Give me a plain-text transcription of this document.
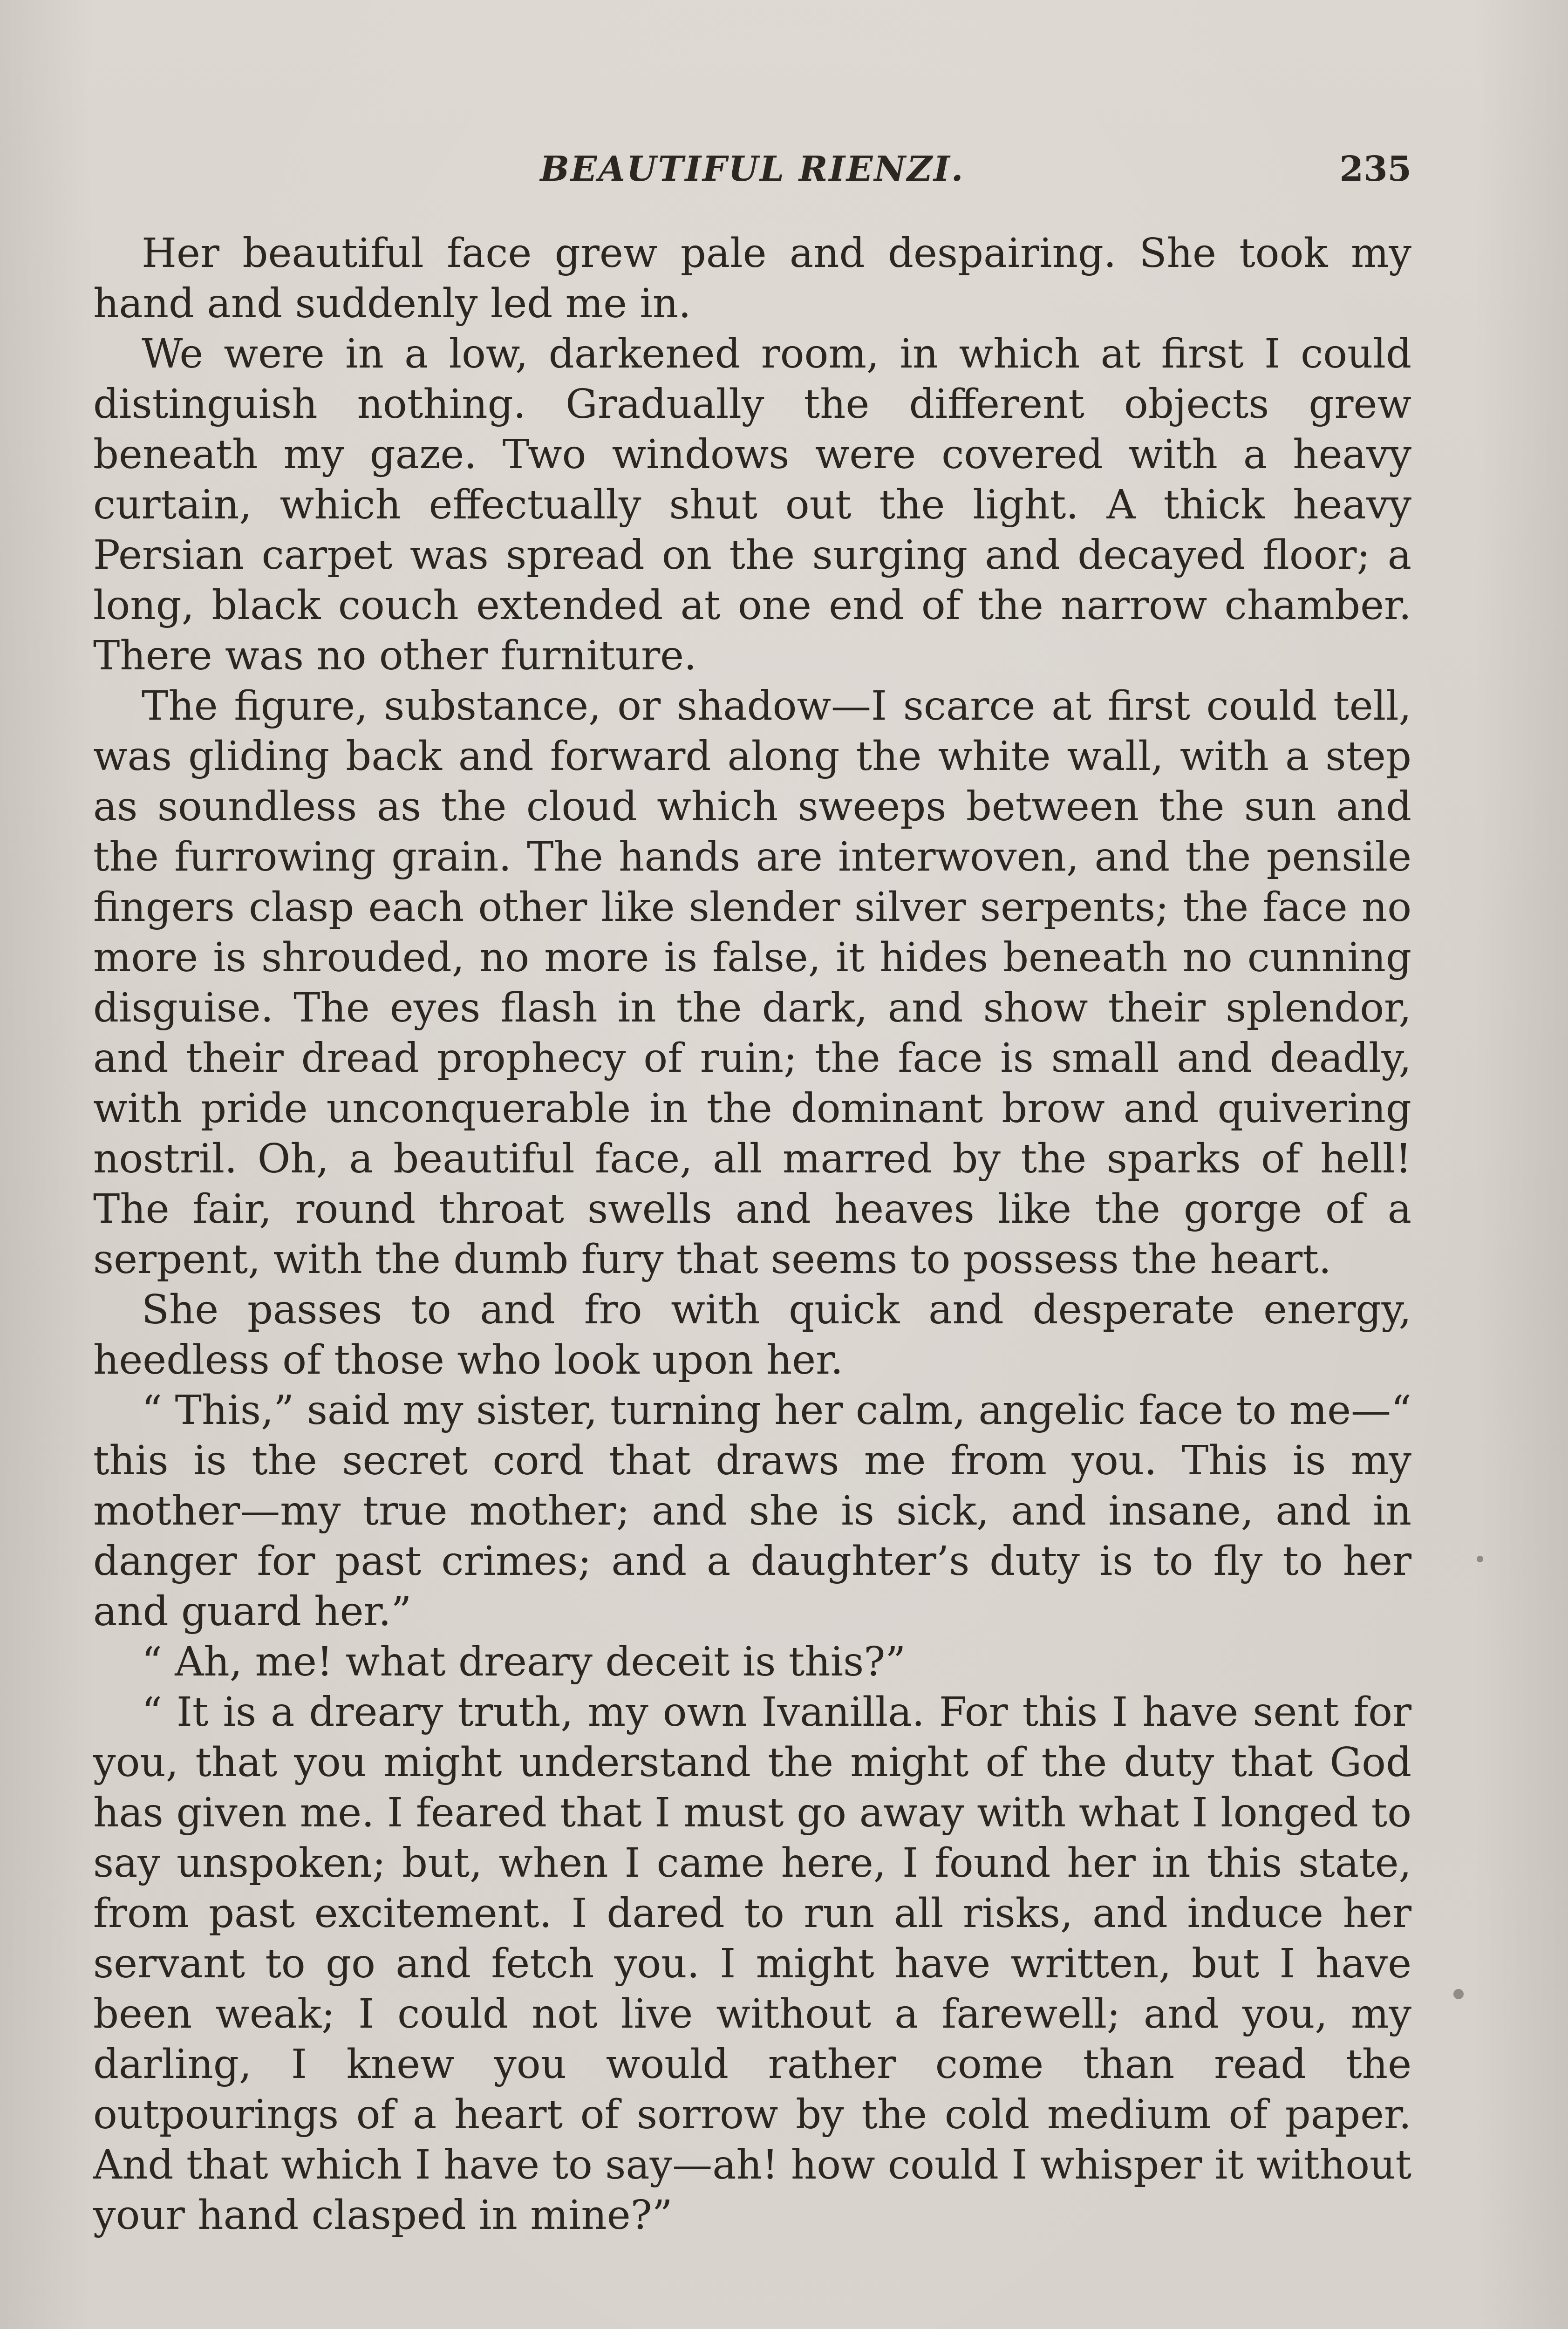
BEAUTIFUL RIENZI.	235

Her beautiful face grew pale and despairing. She took my hand and suddenly led me in.

We were in a low, darkened room, in which at first I could distinguish nothing. Gradually the different objects grew beneath my gaze. Two windows were covered with a heavy curtain, which effectually shut out the light. A thick heavy Persian carpet was spread on the surging and decayed floor; a long, black couch extended at one end of the narrow chamber. There was no other furniture.

The figure, substance, or shadow—I scarce at first could tell, was gliding back and forward along the white wall, with a step as soundless as the cloud which sweeps between the sun and the furrowing grain. The hands are interwoven, and the pensile fingers clasp each other like slender silver serpents; the face no more is shrouded, no more is false, it hides beneath no cunning disguise. The eyes flash in the dark, and show their splendor, and their dread prophecy of ruin; the face is small and deadly, with pride unconquerable in the dominant brow and quivering nostril. Oh, a beautiful face, all marred by the sparks of hell! The fair, round throat swells and heaves like the gorge of a serpent, with the dumb fury that seems to possess the heart.

She passes to and fro with quick and desperate energy, heedless of those who look upon her.

“ This,” said my sister, turning her calm, angelic face to me—“ this is the secret cord that draws me from you. This is my mother—my true mother; and she is sick, and insane, and in danger for past crimes; and a daughter’s duty is to fly to her and guard her.”

“ Ah, me! what dreary deceit is this?”

“ It is a dreary truth, my own Ivanilla. For this I have sent for you, that you might understand the might of the duty that God has given me. I feared that I must go away with what I longed to say unspoken; but, when I came here, I found her in this state, from past excitement. I dared to run all risks, and induce her servant to go and fetch you. I might have written, but I have been weak; I could not live without a farewell; and you, my darling, I knew you would rather come than read the outpourings of a heart of sorrow by the cold medium of paper. And that which I have to say—ah! how could I whisper it without your hand clasped in mine?”
